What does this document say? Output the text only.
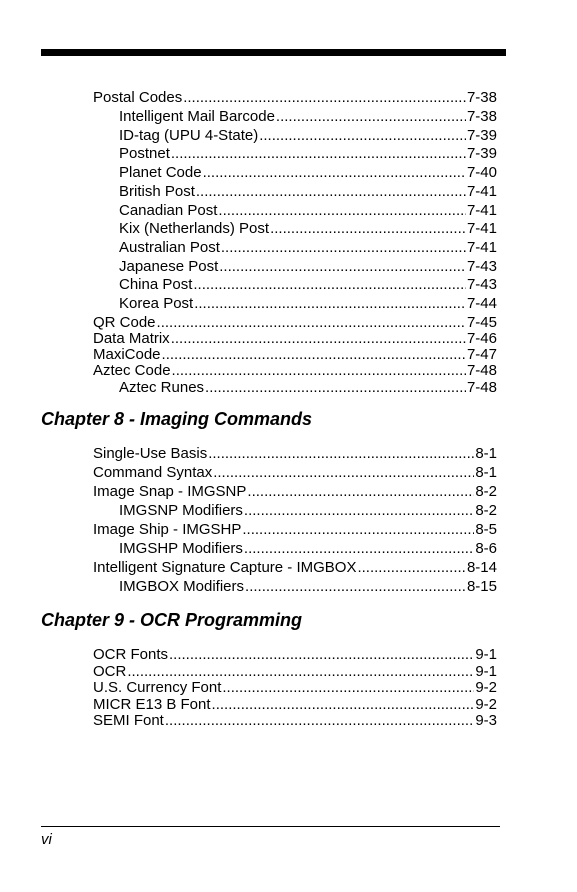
Postal Codes .....	7-38
Intelligent Mail Barcode .....	7-38
ID-tag (UPU 4-State) .....	7-39
Postnet .....	7-39
Planet Code .....	7-40
British Post .....	7-41
Canadian Post .....	7-41
Kix (Netherlands) Post .....	7-41
Australian Post .....	7-41
Japanese Post .....	7-43
China Post .....	7-43
Korea Post .....	7-44
QR Code .....	7-45
Data Matrix .....	7-46
MaxiCode .....	7-47
Aztec Code .....	7-48
Aztec Runes .....	7-48
Chapter 8 - Imaging Commands
Single-Use Basis .....	8-1
Command Syntax .....	8-1
Image Snap - IMGSNP .....	8-2
IMGSNP Modifiers .....	8-2
Image Ship - IMGSHP .....	8-5
IMGSHP Modifiers .....	8-6
Intelligent Signature Capture - IMGBOX .....	8-14
IMGBOX Modifiers .....	8-15
Chapter 9 - OCR Programming
OCR Fonts .....	9-1
OCR .....	9-1
U.S. Currency Font .....	9-2
MICR E13 B Font .....	9-2
SEMI Font .....	9-3
vi
